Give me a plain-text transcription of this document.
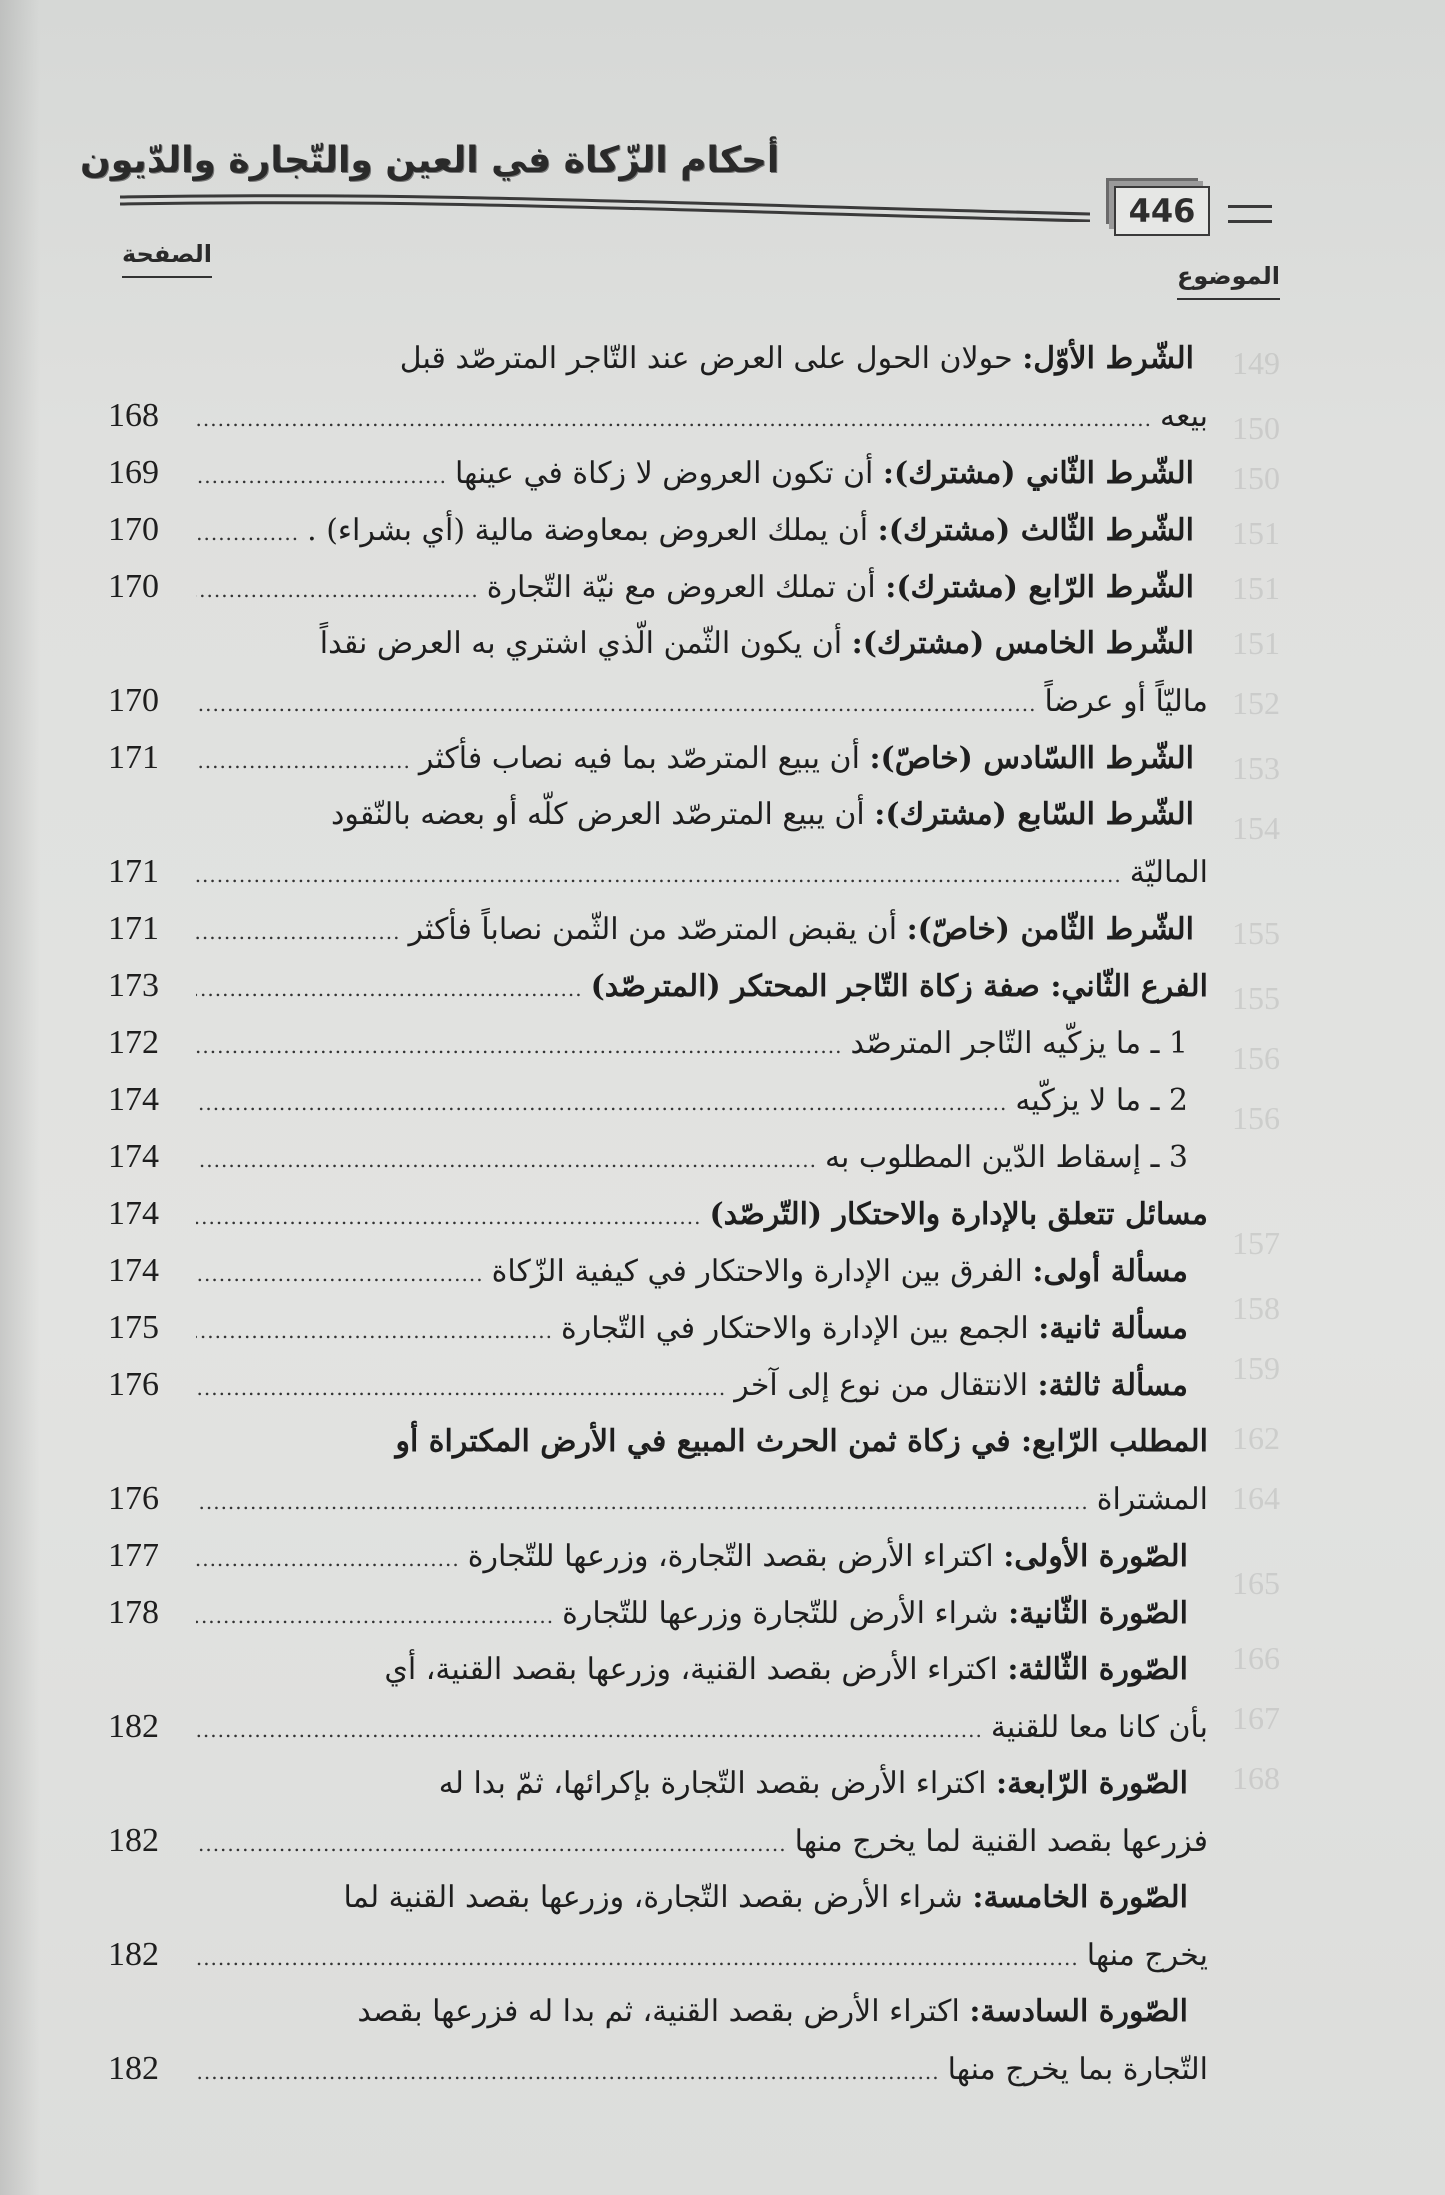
أحكام الزّكاة في العين والتّجارة والدّيون
446
الصفحة
الموضوع
الشّرط الأوّل: حولان الحول على العرض عند التّاجر المترصّد قبل
بيعه
.....
168
الشّرط الثّاني (مشترك): أن تكون العروض لا زكاة في عينها
.....
169
الشّرط الثّالث (مشترك): أن يملك العروض بمعاوضة مالية (أي بشراء) .
.....
170
الشّرط الرّابع (مشترك): أن تملك العروض مع نيّة التّجارة
.....
170
الشّرط الخامس (مشترك): أن يكون الثّمن الّذي اشتري به العرض نقداً
ماليّاً أو عرضاً
.....
170
الشّرط االسّادس (خاصّ): أن يبيع المترصّد بما فيه نصاب فأكثر
.....
171
الشّرط السّابع (مشترك): أن يبيع المترصّد العرض كلّه أو بعضه بالنّقود
الماليّة
.....
171
الشّرط الثّامن (خاصّ): أن يقبض المترصّد من الثّمن نصاباً فأكثر
.....
171
الفرع الثّاني: صفة زكاة التّاجر المحتكر (المترصّد)
.....
173
1 ـ ما يزكّيه التّاجر المترصّد
.....
172
2 ـ ما لا يزكّيه
.....
174
3 ـ إسقاط الدّين المطلوب به
.....
174
مسائل تتعلق بالإدارة والاحتكار (التّرصّد)
.....
174
مسألة أولى: الفرق بين الإدارة والاحتكار في كيفية الزّكاة
.....
174
مسألة ثانية: الجمع بين الإدارة والاحتكار في التّجارة
.....
175
مسألة ثالثة: الانتقال من نوع إلى آخر
.....
176
المطلب الرّابع: في زكاة ثمن الحرث المبيع في الأرض المكتراة أو
المشتراة
.....
176
الصّورة الأولى: اكتراء الأرض بقصد التّجارة، وزرعها للتّجارة
.....
177
الصّورة الثّانية: شراء الأرض للتّجارة وزرعها للتّجارة
.....
178
الصّورة الثّالثة: اكتراء الأرض بقصد القنية، وزرعها بقصد القنية، أي
بأن كانا معا للقنية
.....
182
الصّورة الرّابعة: اكتراء الأرض بقصد التّجارة بإكرائها، ثمّ بدا له
فزرعها بقصد القنية لما يخرج منها
.....
182
الصّورة الخامسة: شراء الأرض بقصد التّجارة، وزرعها بقصد القنية لما
يخرج منها
.....
182
الصّورة السادسة: اكتراء الأرض بقصد القنية، ثم بدا له فزرعها بقصد
التّجارة بما يخرج منها
.....
182
149
150
150
151
151
151
152
153
154
155
155
156
156
157
158
159
162
164
165
166
167
168
